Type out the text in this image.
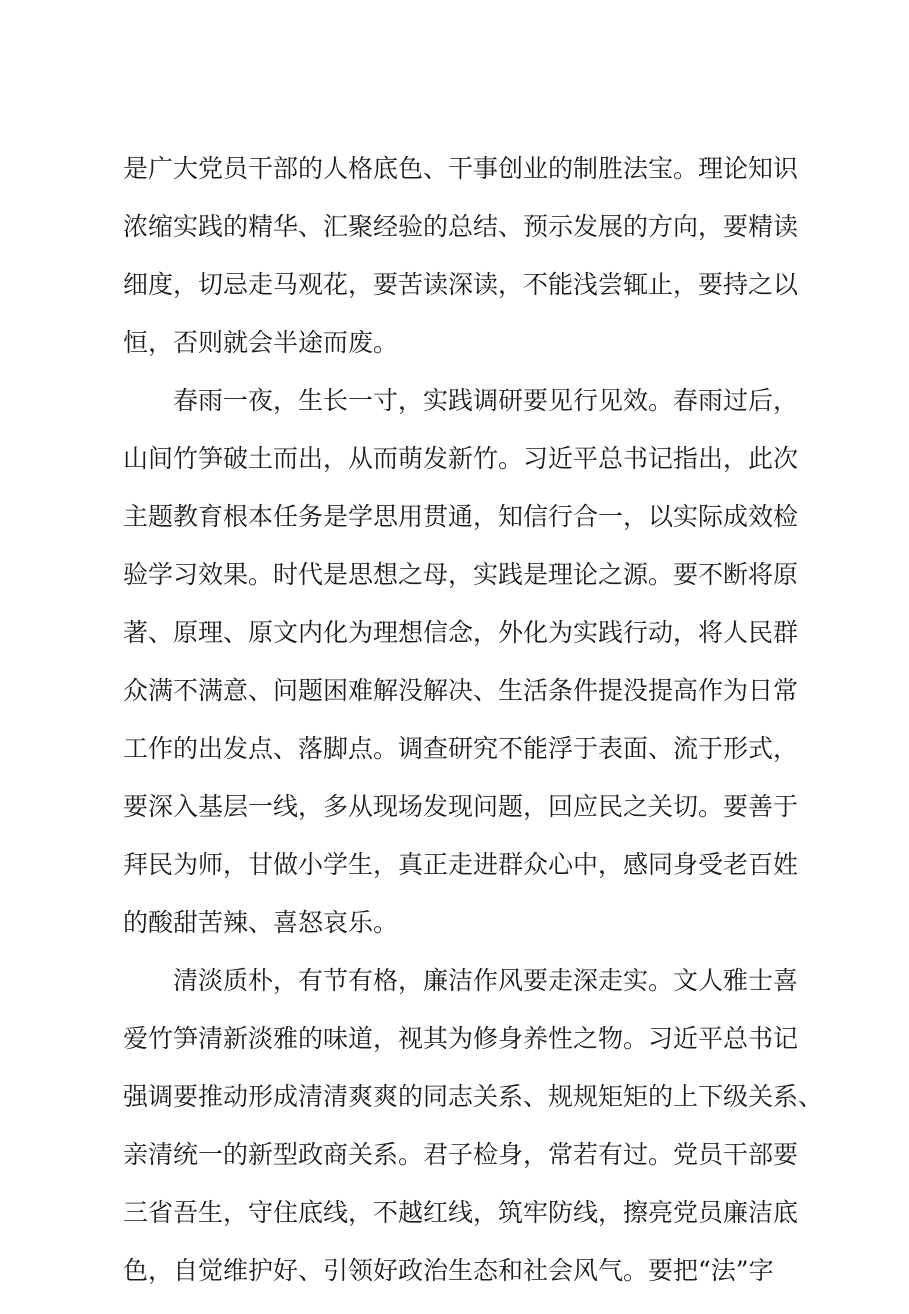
是广大党员干部的人格底色、干事创业的制胜法宝。理论知识
浓缩实践的精华、汇聚经验的总结、预示发展的方向，要精读
细度，切忌走马观花，要苦读深读，不能浅尝辄止，要持之以
恒，否则就会半途而废。
春雨一夜，生长一寸，实践调研要见行见效。春雨过后，
山间竹笋破土而出，从而萌发新竹。习近平总书记指出，此次
主题教育根本任务是学思用贯通，知信行合一，以实际成效检
验学习效果。时代是思想之母，实践是理论之源。要不断将原
著、原理、原文内化为理想信念，外化为实践行动，将人民群
众满不满意、问题困难解没解决、生活条件提没提高作为日常
工作的出发点、落脚点。调查研究不能浮于表面、流于形式，
要深入基层一线，多从现场发现问题，回应民之关切。要善于
拜民为师，甘做小学生，真正走进群众心中，感同身受老百姓
的酸甜苦辣、喜怒哀乐。
清淡质朴，有节有格，廉洁作风要走深走实。文人雅士喜
爱竹笋清新淡雅的味道，视其为修身养性之物。习近平总书记
强调要推动形成清清爽爽的同志关系、规规矩矩的上下级关系、
亲清统一的新型政商关系。君子检身，常若有过。党员干部要
三省吾生，守住底线，不越红线，筑牢防线，擦亮党员廉洁底
色，自觉维护好、引领好政治生态和社会风气。要把“法”字
